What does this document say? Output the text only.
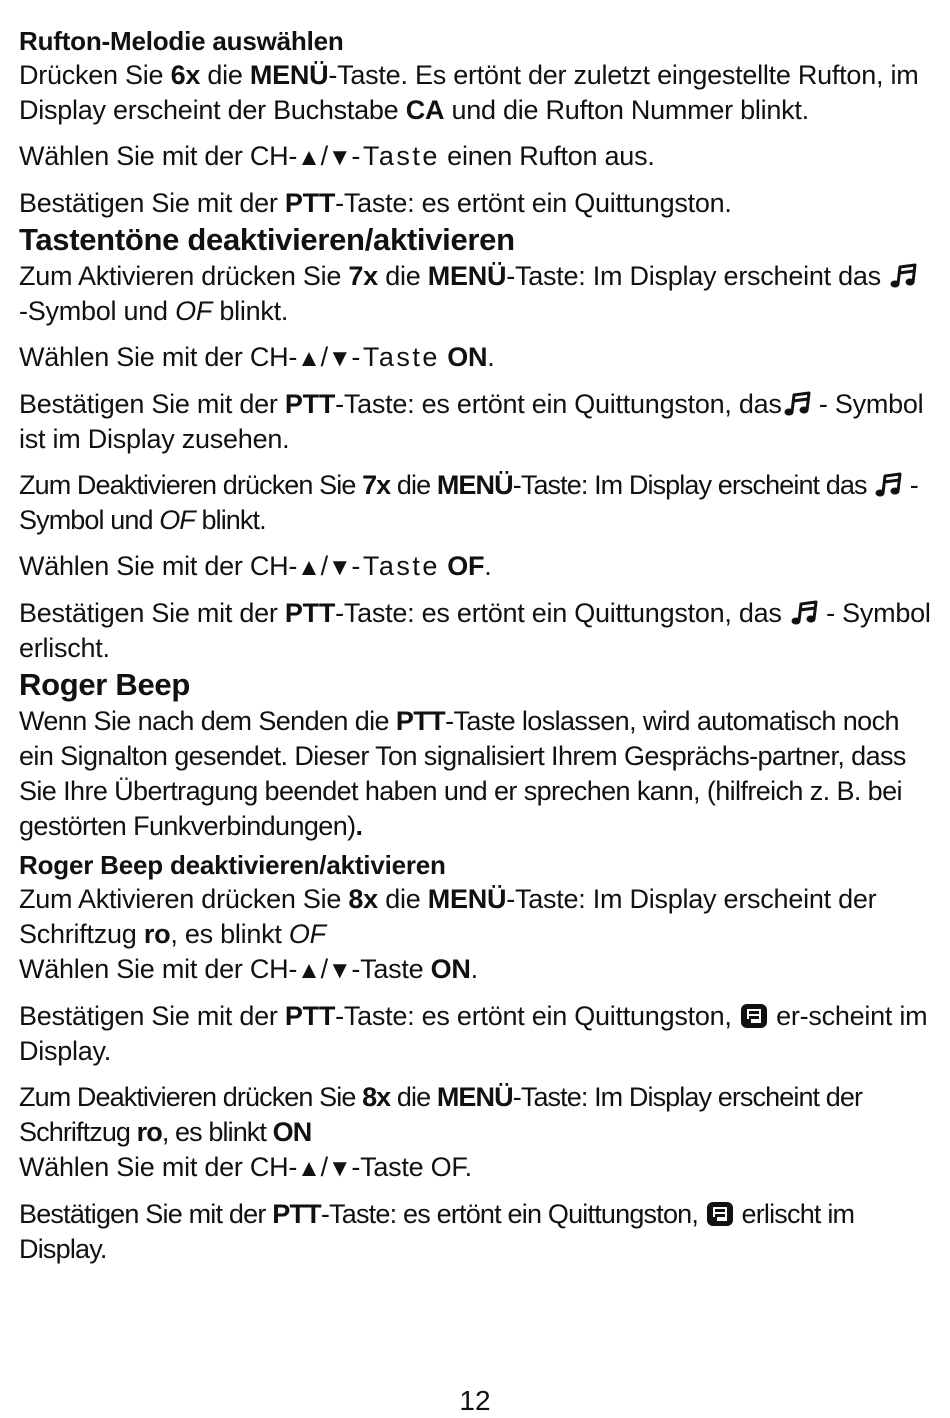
Rufton-Melodie auswählen

Drücken Sie 6x die MENÜ-Taste. Es ertönt der zuletzt eingestellte Rufton, im Display erscheint der Buchstabe CA und die Rufton Nummer blinkt.

Wählen Sie mit der CH-▲/▼-Taste einen Rufton aus.

Bestätigen Sie mit der PTT-Taste: es ertönt ein Quittungston.

Tastentöne deaktivieren/aktivieren

Zum Aktivieren drücken Sie 7x die MENÜ-Taste: Im Display erscheint das  -Symbol und OF blinkt.

Wählen Sie mit der CH-▲/▼-Taste ON.

Bestätigen Sie mit der PTT-Taste: es ertönt ein Quittungston, das - Symbol ist im Display zusehen.

Zum Deaktivieren drücken Sie 7x die MENÜ-Taste: Im Display erscheint das  -Symbol und OF blinkt.

Wählen Sie mit der CH-▲/▼-Taste OF.

Bestätigen Sie mit der PTT-Taste: es ertönt ein Quittungston, das  - Symbol erlischt.

Roger Beep

Wenn Sie nach dem Senden die PTT-Taste loslassen, wird automatisch noch ein Signalton gesendet. Dieser Ton signalisiert Ihrem Gesprächs-partner, dass Sie Ihre Übertragung beendet haben und er sprechen kann, (hilfreich z. B. bei gestörten Funkverbindungen).

Roger Beep deaktivieren/aktivieren

Zum Aktivieren drücken Sie 8x die MENÜ-Taste: Im Display erscheint der Schriftzug ro, es blinkt OF

Wählen Sie mit der CH-▲/▼-Taste ON.

Bestätigen Sie mit der PTT-Taste: es ertönt ein Quittungston,  er-scheint im Display.

Zum Deaktivieren drücken Sie 8x die MENÜ-Taste: Im Display erscheint der Schriftzug ro, es blinkt ON

Wählen Sie mit der CH-▲/▼-Taste OF.

Bestätigen Sie mit der PTT-Taste: es ertönt ein Quittungston,  erlischt im Display.

12
